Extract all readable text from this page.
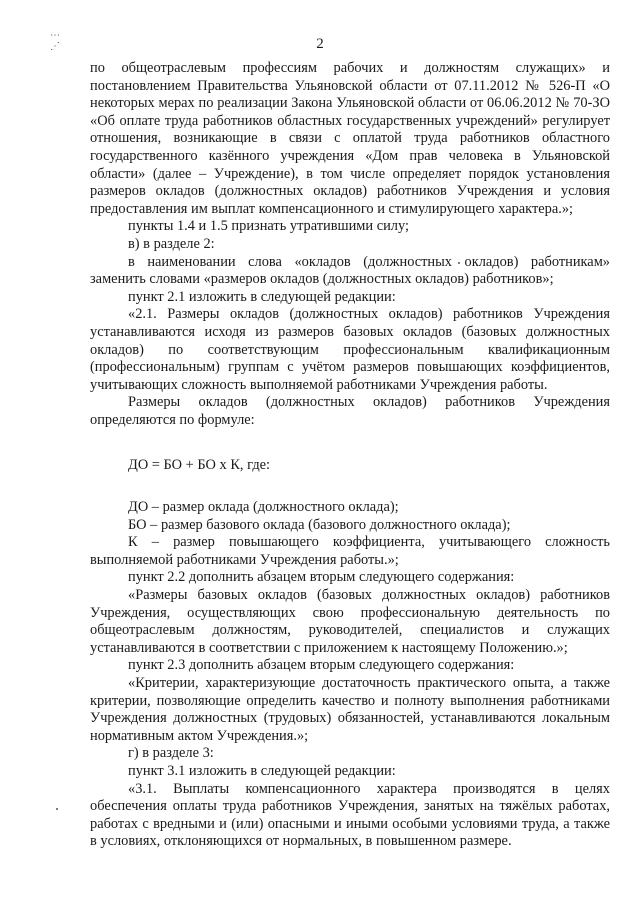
⋯
⋰	2

по общеотраслевым профессиям рабочих и должностям служащих» и постановлением Правительства Ульяновской области от 07.11.2012 № 526-П «О некоторых мерах по реализации Закона Ульяновской области от 06.06.2012 № 70-ЗО «Об оплате труда работников областных государственных учреждений» регулирует отношения, возникающие в связи с оплатой труда работников областного государственного казённого учреждения «Дом прав человека в Ульяновской области» (далее – Учреждение), в том числе определяет порядок установления размеров окладов (должностных окладов) работников Учреждения и условия предоставления им выплат компенсационного и стимулирующего характера.»;

пункты 1.4 и 1.5 признать утратившими силу;

в) в разделе 2:

в наименовании слова «окладов (должностных окладов) работникам» заменить словами «размеров окладов (должностных окладов) работников»;

пункт 2.1 изложить в следующей редакции:

«2.1. Размеры окладов (должностных окладов) работников Учреждения устанавливаются исходя из размеров базовых окладов (базовых должностных окладов) по соответствующим профессиональным квалификационным (профессиональным) группам с учётом размеров повышающих коэффициентов, учитывающих сложность выполняемой работниками Учреждения работы.

Размеры окладов (должностных окладов) работников Учреждения определяются по формуле:

ДО = БО + БО х К, где:

ДО – размер оклада (должностного оклада);

БО – размер базового оклада (базового должностного оклада);

К – размер повышающего коэффициента, учитывающего сложность выполняемой работниками Учреждения работы.»;

пункт 2.2 дополнить абзацем вторым следующего содержания:

«Размеры базовых окладов (базовых должностных окладов) работников Учреждения, осуществляющих свою профессиональную деятельность по общеотраслевым должностям, руководителей, специалистов и служащих устанавливаются в соответствии с приложением к настоящему Положению.»;

пункт 2.3 дополнить абзацем вторым следующего содержания:

«Критерии, характеризующие достаточность практического опыта, а также критерии, позволяющие определить качество и полноту выполнения работниками Учреждения должностных (трудовых) обязанностей, устанавливаются локальным нормативным актом Учреждения.»;

г) в разделе 3:

пункт 3.1 изложить в следующей редакции:

«3.1. Выплаты компенсационного характера производятся в целях обеспечения оплаты труда работников Учреждения, занятых на тяжёлых работах, работах с вредными и (или) опасными и иными особыми условиями труда, а также в условиях, отклоняющихся от нормальных, в повышенном размере.
